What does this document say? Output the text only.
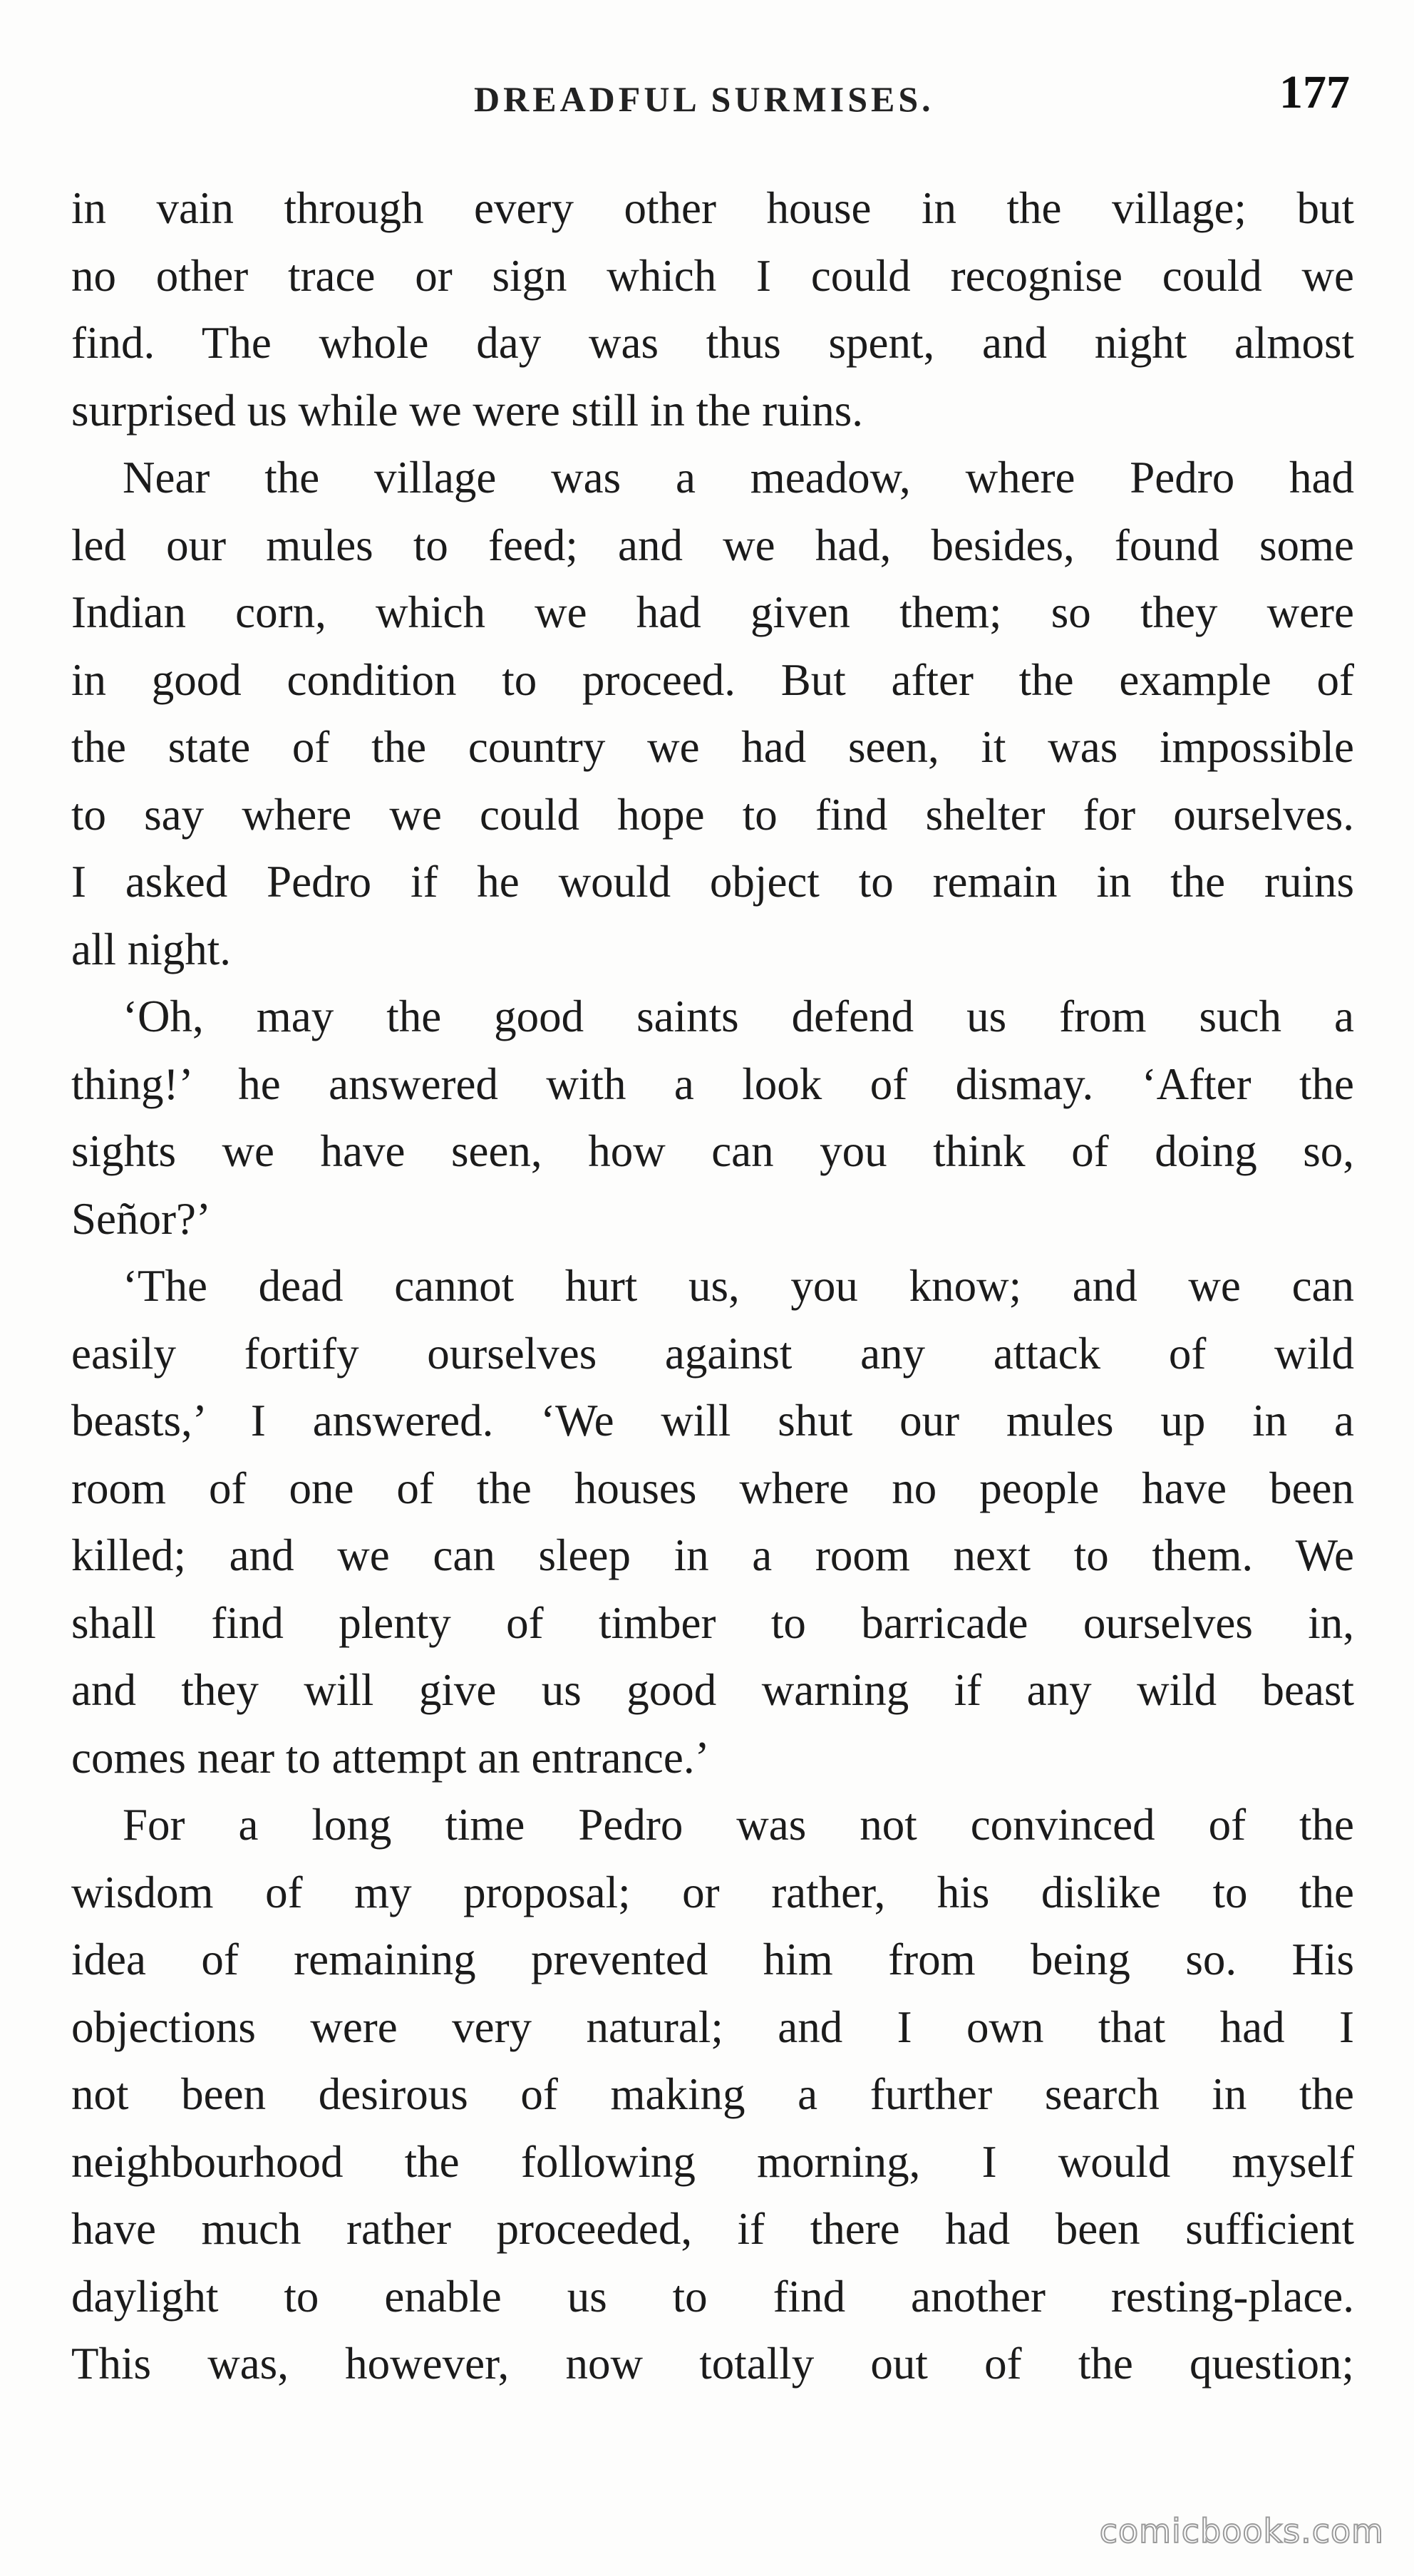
DREADFUL SURMISES.	177

in vain through every other house in the village; but
no other trace or sign which I could recognise could we
find. The whole day was thus spent, and night almost
surprised us while we were still in the ruins.

Near the village was a meadow, where Pedro had
led our mules to feed; and we had, besides, found some
Indian corn, which we had given them; so they were
in good condition to proceed. But after the example of
the state of the country we had seen, it was impossible
to say where we could hope to find shelter for ourselves.
I asked Pedro if he would object to remain in the ruins
all night.

‘Oh, may the good saints defend us from such a
thing!’ he answered with a look of dismay. ‘After the
sights we have seen, how can you think of doing so,
Señor?’

‘The dead cannot hurt us, you know; and we can
easily fortify ourselves against any attack of wild
beasts,’ I answered. ‘We will shut our mules up in a
room of one of the houses where no people have been
killed; and we can sleep in a room next to them. We
shall find plenty of timber to barricade ourselves in,
and they will give us good warning if any wild beast
comes near to attempt an entrance.’

For a long time Pedro was not convinced of the
wisdom of my proposal; or rather, his dislike to the
idea of remaining prevented him from being so. His
objections were very natural; and I own that had I
not been desirous of making a further search in the
neighbourhood the following morning, I would myself
have much rather proceeded, if there had been sufficient
daylight to enable us to find another resting-place.
This was, however, now totally out of the question;

comicbooks.com
